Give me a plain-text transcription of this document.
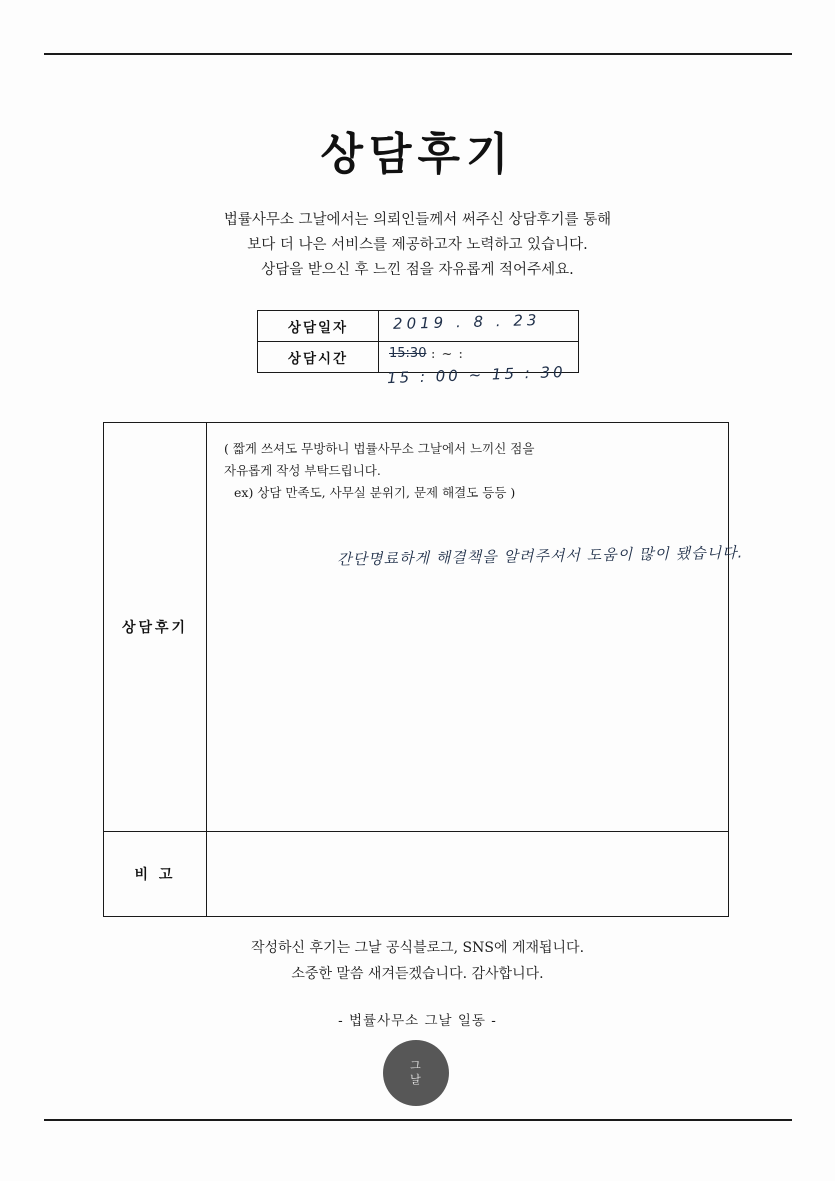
상담후기
법률사무소 그날에서는 의뢰인들께서 써주신 상담후기를 통해
보다 더 나은 서비스를 제공하고자 노력하고 있습니다.
상담을 받으신 후 느낀 점을 자유롭게 적어주세요.
상담일자	2019 . 8 . 23

상담시간	15:30 : ~ :
15 : 00 ~ 15 : 30
상담후기	( 짧게 쓰셔도 무방하니 법률사무소 그날에서 느끼신 점을
자유롭게 작성 부탁드립니다.
ex) 상담 만족도, 사무실 분위기, 문제 해결도 등등 )
간단명료하게 해결책을 알려주셔서 도움이 많이 됐습니다.

비 고	
작성하신 후기는 그날 공식블로그, SNS에 게재됩니다.
소중한 말씀 새겨듣겠습니다. 감사합니다.
- 법률사무소 그날 일동 -
그
날
